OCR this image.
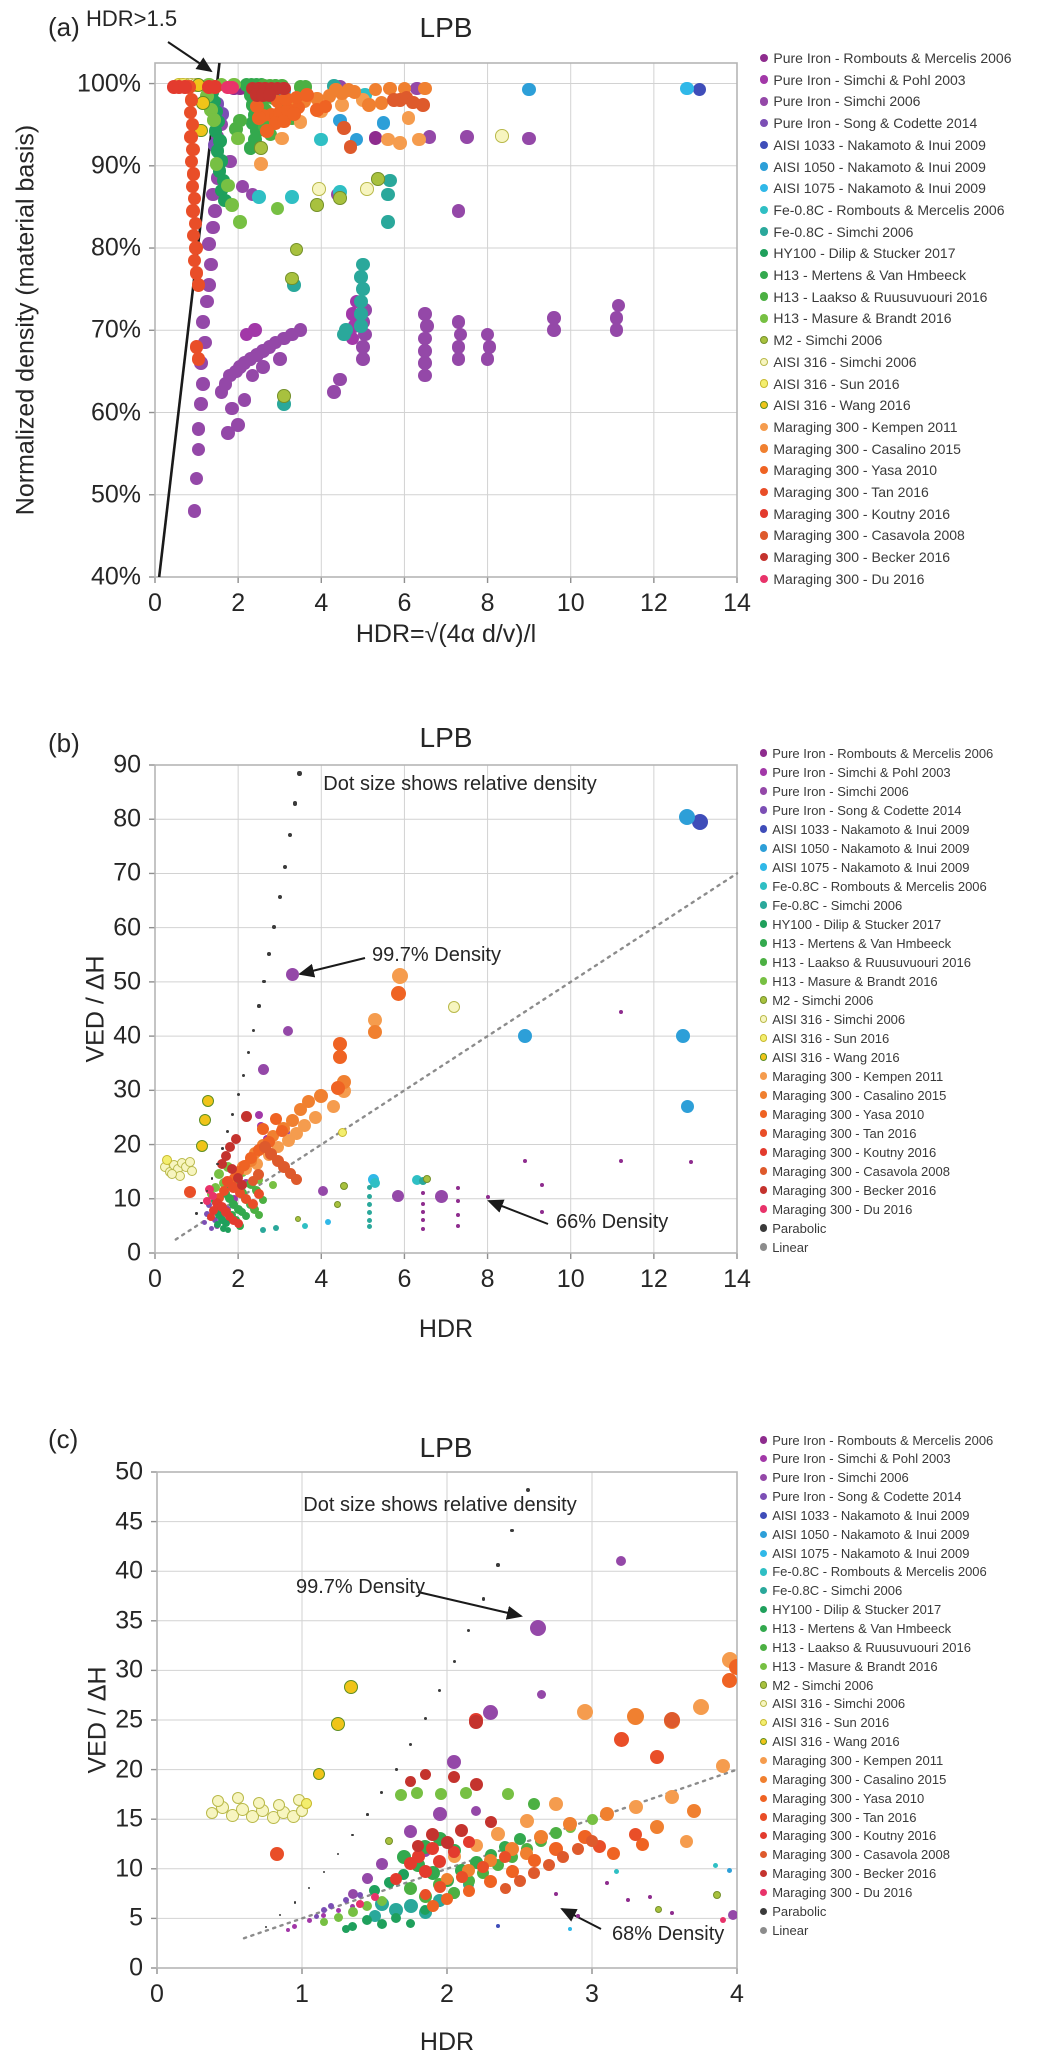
(a)	LPB
Normalized density (material basis)
HDR=√(4α d/v)/l
(b)	LPB
VED / ΔH
HDR
(c)	LPB
VED / ΔH
HDR
40%
50%
60%
70%
80%
90%
100%
0	2	4	6	8 10 12 14
HDR>1.5
Pure Iron - Rombouts & Mercelis 2006
Pure Iron - Simchi & Pohl 2003
Pure Iron - Simchi 2006
Pure Iron - Song & Codette 2014
AISI 1033 - Nakamoto & Inui 2009
AISI 1050 - Nakamoto & Inui 2009
AISI 1075 - Nakamoto & Inui 2009
Fe-0.8C - Rombouts & Mercelis 2006
Fe-0.8C - Simchi 2006
HY100 - Dilip & Stucker 2017
H13 - Mertens & Van Hmbeeck
H13 - Laakso & Ruusuvuouri 2016
H13 - Masure & Brandt 2016
M2 - Simchi 2006
AISI 316 - Simchi 2006
AISI 316 - Sun 2016
AISI 316 - Wang 2016
Maraging 300 - Kempen 2011
Maraging 300 - Casalino 2015
Maraging 300 - Yasa 2010
Maraging 300 - Tan 2016
Maraging 300 - Koutny 2016
Maraging 300 - Casavola 2008
Maraging 300 - Becker 2016
Maraging 300 - Du 2016
0
10
20
30
40
50
60
70
80
90
0	2	4	6	8 10 12 14
Dot size shows relative density
99.7% Density
66% Density
Pure Iron - Rombouts & Mercelis 2006
Pure Iron - Simchi & Pohl 2003
Pure Iron - Simchi 2006
Pure Iron - Song & Codette 2014
AISI 1033 - Nakamoto & Inui 2009
AISI 1050 - Nakamoto & Inui 2009
AISI 1075 - Nakamoto & Inui 2009
Fe-0.8C - Rombouts & Mercelis 2006
Fe-0.8C - Simchi 2006
HY100 - Dilip & Stucker 2017
H13 - Mertens & Van Hmbeeck
H13 - Laakso & Ruusuvuouri 2016
H13 - Masure & Brandt 2016
M2 - Simchi 2006
AISI 316 - Simchi 2006
AISI 316 - Sun 2016
AISI 316 - Wang 2016
Maraging 300 - Kempen 2011
Maraging 300 - Casalino 2015
Maraging 300 - Yasa 2010
Maraging 300 - Tan 2016
Maraging 300 - Koutny 2016
Maraging 300 - Casavola 2008
Maraging 300 - Becker 2016
Maraging 300 - Du 2016
Parabolic
Linear
0
5
10
15
20
25
30
35
40
45
50
0	1	2	3	4
Dot size shows relative density
99.7% Density
68% Density
Pure Iron - Rombouts & Mercelis 2006
Pure Iron - Simchi & Pohl 2003
Pure Iron - Simchi 2006
Pure Iron - Song & Codette 2014
AISI 1033 - Nakamoto & Inui 2009
AISI 1050 - Nakamoto & Inui 2009
AISI 1075 - Nakamoto & Inui 2009
Fe-0.8C - Rombouts & Mercelis 2006
Fe-0.8C - Simchi 2006
HY100 - Dilip & Stucker 2017
H13 - Mertens & Van Hmbeeck
H13 - Laakso & Ruusuvuouri 2016
H13 - Masure & Brandt 2016
M2 - Simchi 2006
AISI 316 - Simchi 2006
AISI 316 - Sun 2016
AISI 316 - Wang 2016
Maraging 300 - Kempen 2011
Maraging 300 - Casalino 2015
Maraging 300 - Yasa 2010
Maraging 300 - Tan 2016
Maraging 300 - Koutny 2016
Maraging 300 - Casavola 2008
Maraging 300 - Becker 2016
Maraging 300 - Du 2016
Parabolic
Linear
